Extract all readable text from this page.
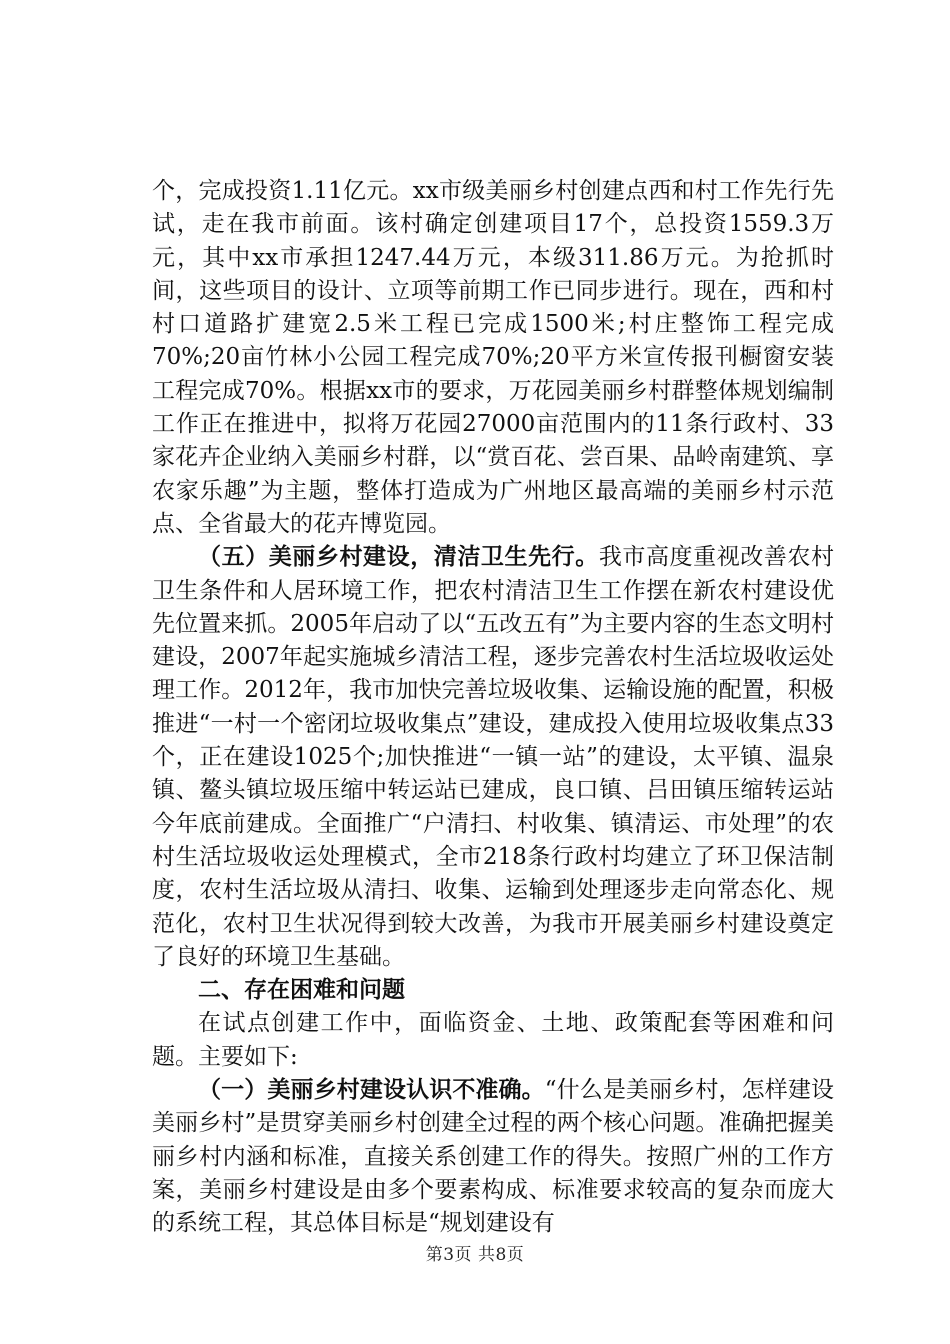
个，完成投资1.11亿元。xx市级美丽乡村创建点西和村工作先行先试，走在我市前面。该村确定创建项目17个，总投资1559.3万元，其中xx市承担1247.44万元，本级311.86万元。为抢抓时间，这些项目的设计、立项等前期工作已同步进行。现在，西和村村口道路扩建宽2.5米工程已完成1500米;村庄整饰工程完成70%;20亩竹林小公园工程完成70%;20平方米宣传报刊橱窗安装工程完成70%。根据xx市的要求，万花园美丽乡村群整体规划编制工作正在推进中，拟将万花园27000亩范围内的11条行政村、33家花卉企业纳入美丽乡村群，以“赏百花、尝百果、品岭南建筑、享农家乐趣”为主题，整体打造成为广州地区最高端的美丽乡村示范点、全省最大的花卉博览园。

（五）美丽乡村建设，清洁卫生先行。我市高度重视改善农村卫生条件和人居环境工作，把农村清洁卫生工作摆在新农村建设优先位置来抓。2005年启动了以“五改五有”为主要内容的生态文明村建设，2007年起实施城乡清洁工程，逐步完善农村生活垃圾收运处理工作。2012年，我市加快完善垃圾收集、运输设施的配置，积极推进“一村一个密闭垃圾收集点”建设，建成投入使用垃圾收集点33个，正在建设1025个;加快推进“一镇一站”的建设，太平镇、温泉镇、鳌头镇垃圾压缩中转运站已建成，良口镇、吕田镇压缩转运站今年底前建成。全面推广“户清扫、村收集、镇清运、市处理”的农村生活垃圾收运处理模式，全市218条行政村均建立了环卫保洁制度，农村生活垃圾从清扫、收集、运输到处理逐步走向常态化、规范化，农村卫生状况得到较大改善，为我市开展美丽乡村建设奠定了良好的环境卫生基础。

二、存在困难和问题

在试点创建工作中，面临资金、土地、政策配套等困难和问题。主要如下:

（一）美丽乡村建设认识不准确。“什么是美丽乡村，怎样建设美丽乡村”是贯穿美丽乡村创建全过程的两个核心问题。准确把握美丽乡村内涵和标准，直接关系创建工作的得失。按照广州的工作方案，美丽乡村建设是由多个要素构成、标准要求较高的复杂而庞大的系统工程，其总体目标是“规划建设有

第3页 共8页
